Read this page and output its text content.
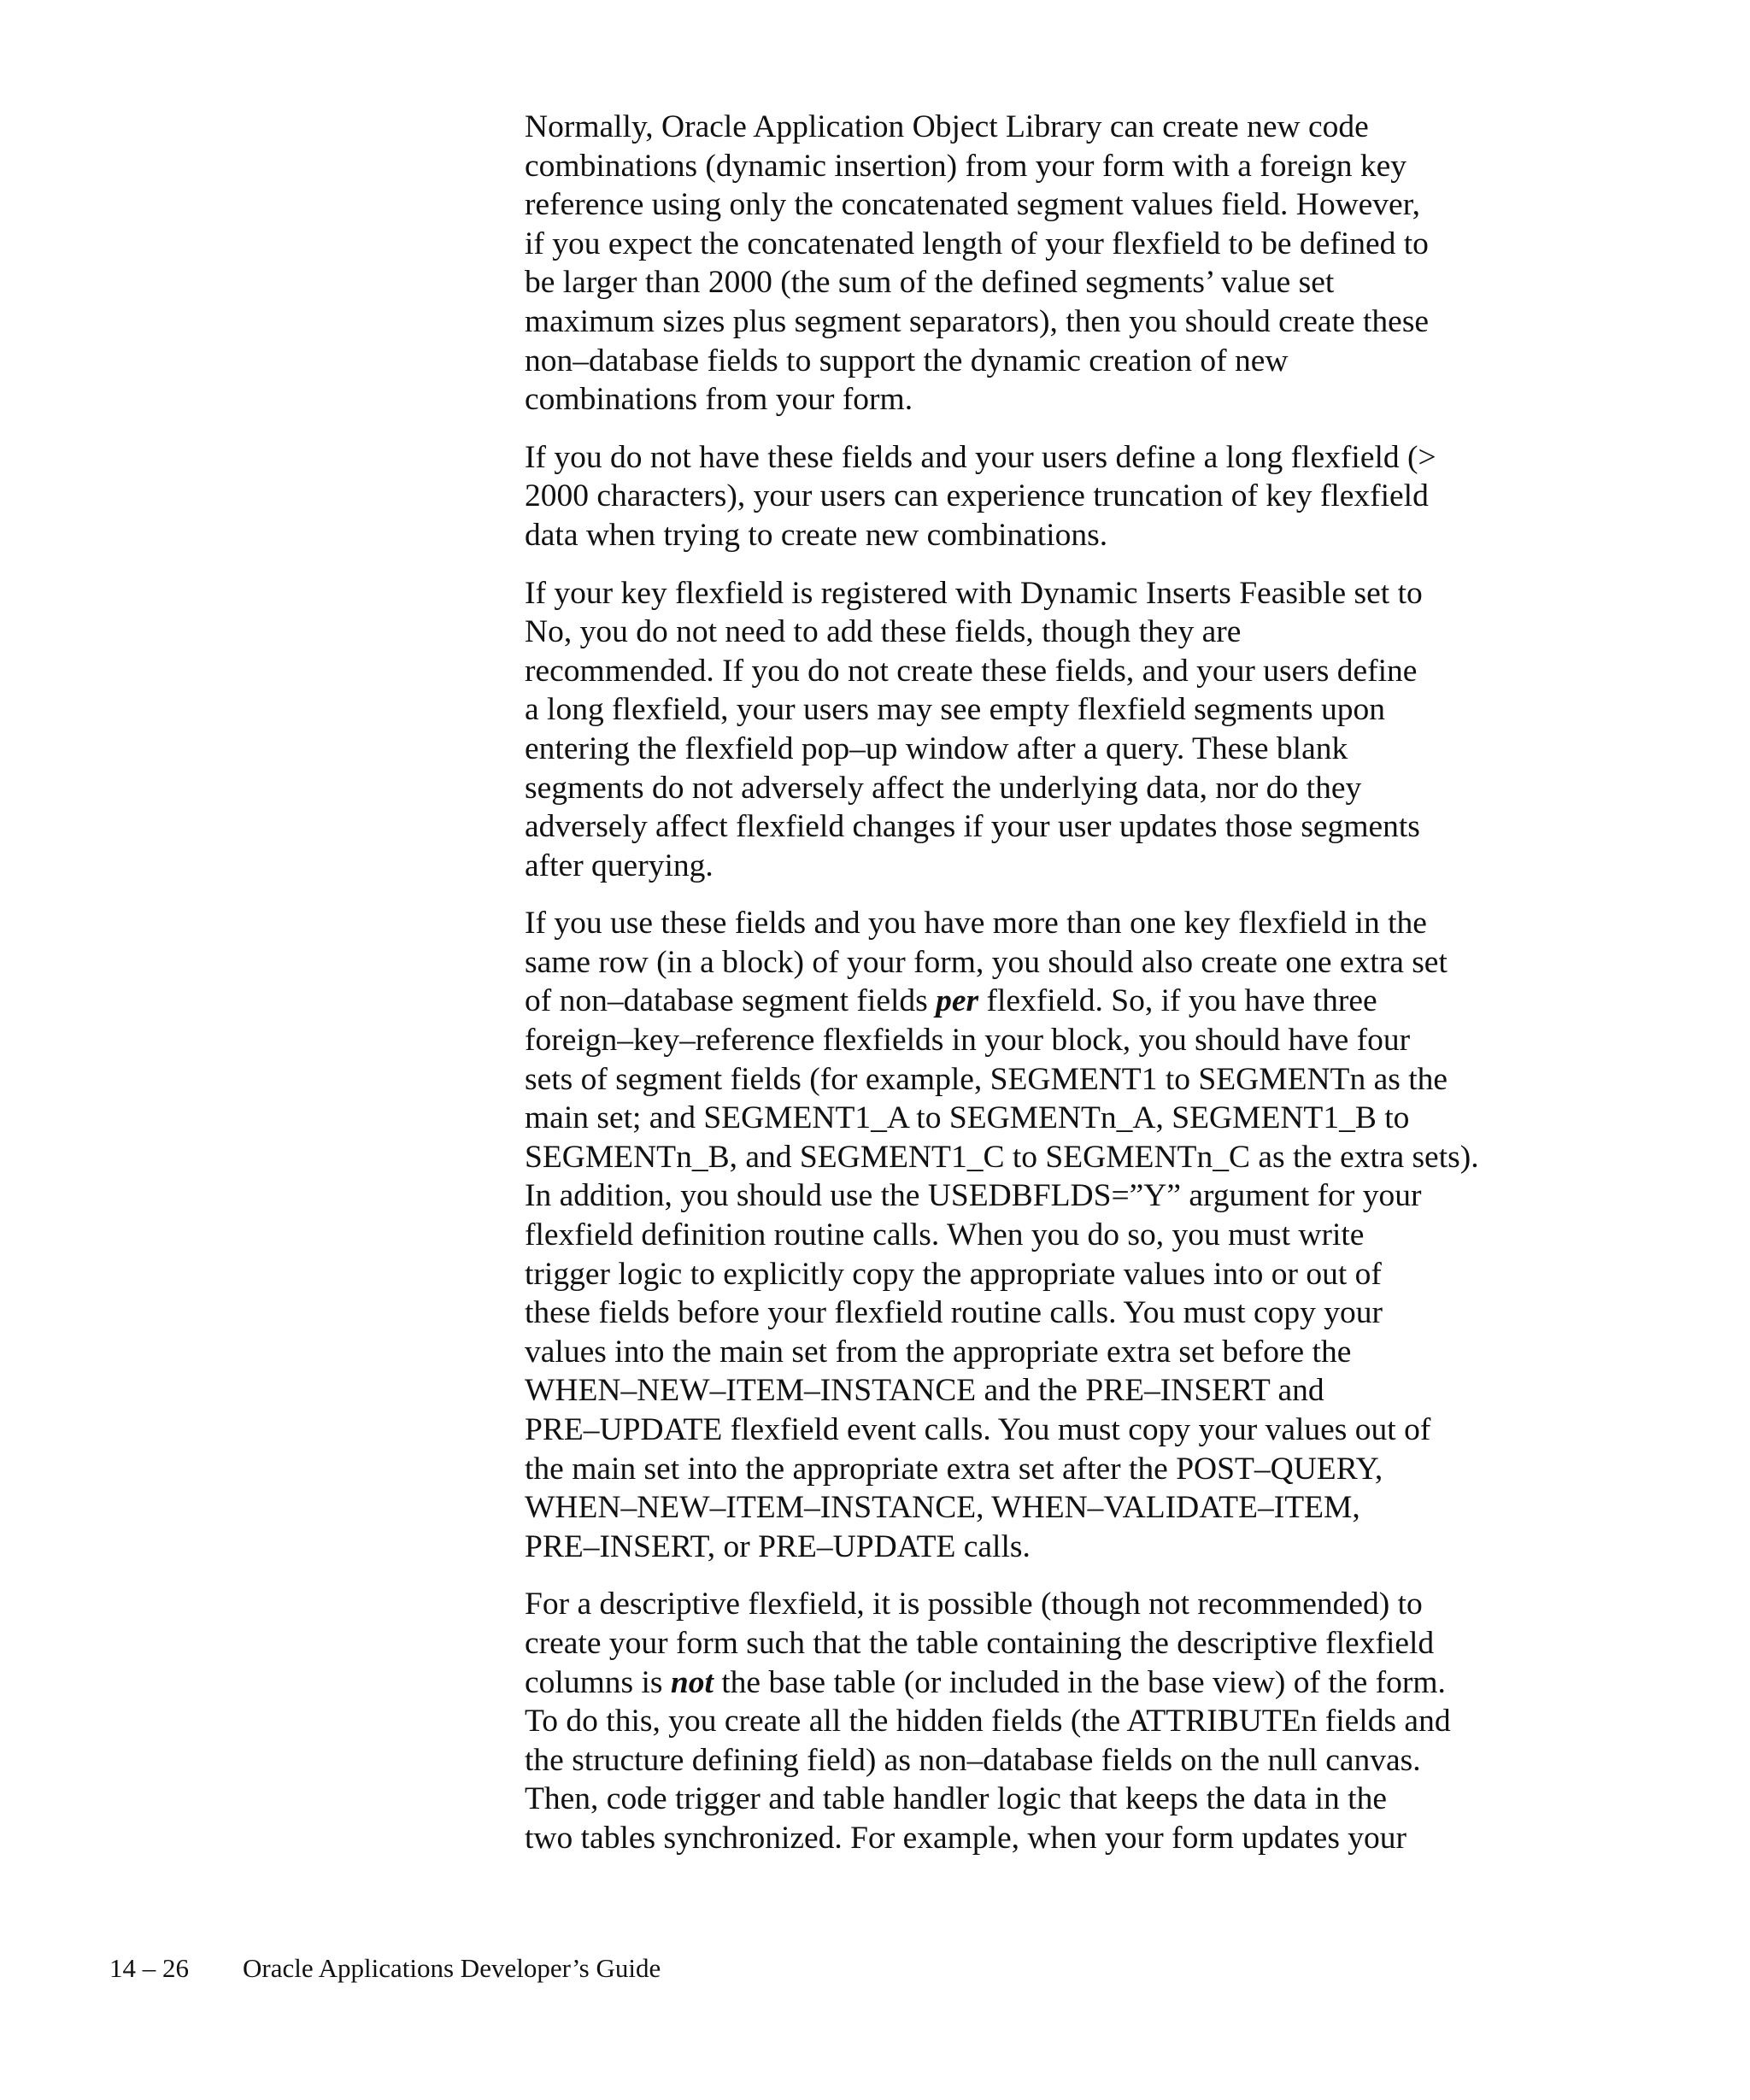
Normally, Oracle Application Object Library can create new code
combinations (dynamic insertion) from your form with a foreign key
reference using only the concatenated segment values field. However,
if you expect the concatenated length of your flexfield to be defined to
be larger than 2000 (the sum of the defined segments’ value set
maximum sizes plus segment separators), then you should create these
non–database fields to support the dynamic creation of new
combinations from your form.

If you do not have these fields and your users define a long flexfield (>
2000 characters), your users can experience truncation of key flexfield
data when trying to create new combinations.

If your key flexfield is registered with Dynamic Inserts Feasible set to
No, you do not need to add these fields, though they are
recommended. If you do not create these fields, and your users define
a long flexfield, your users may see empty flexfield segments upon
entering the flexfield pop–up window after a query. These blank
segments do not adversely affect the underlying data, nor do they
adversely affect flexfield changes if your user updates those segments
after querying.

If you use these fields and you have more than one key flexfield in the
same row (in a block) of your form, you should also create one extra set
of non–database segment fields per flexfield. So, if you have three
foreign–key–reference flexfields in your block, you should have four
sets of segment fields (for example, SEGMENT1 to SEGMENTn as the
main set; and SEGMENT1_A to SEGMENTn_A, SEGMENT1_B to
SEGMENTn_B, and SEGMENT1_C to SEGMENTn_C as the extra sets).
In addition, you should use the USEDBFLDS=”Y” argument for your
flexfield definition routine calls. When you do so, you must write
trigger logic to explicitly copy the appropriate values into or out of
these fields before your flexfield routine calls. You must copy your
values into the main set from the appropriate extra set before the
WHEN–NEW–ITEM–INSTANCE and the PRE–INSERT and
PRE–UPDATE flexfield event calls. You must copy your values out of
the main set into the appropriate extra set after the POST–QUERY,
WHEN–NEW–ITEM–INSTANCE, WHEN–VALIDATE–ITEM,
PRE–INSERT, or PRE–UPDATE calls.

For a descriptive flexfield, it is possible (though not recommended) to
create your form such that the table containing the descriptive flexfield
columns is not the base table (or included in the base view) of the form.
To do this, you create all the hidden fields (the ATTRIBUTEn fields and
the structure defining field) as non–database fields on the null canvas.
Then, code trigger and table handler logic that keeps the data in the
two tables synchronized. For example, when your form updates your

14 – 26 Oracle Applications Developer’s Guide
